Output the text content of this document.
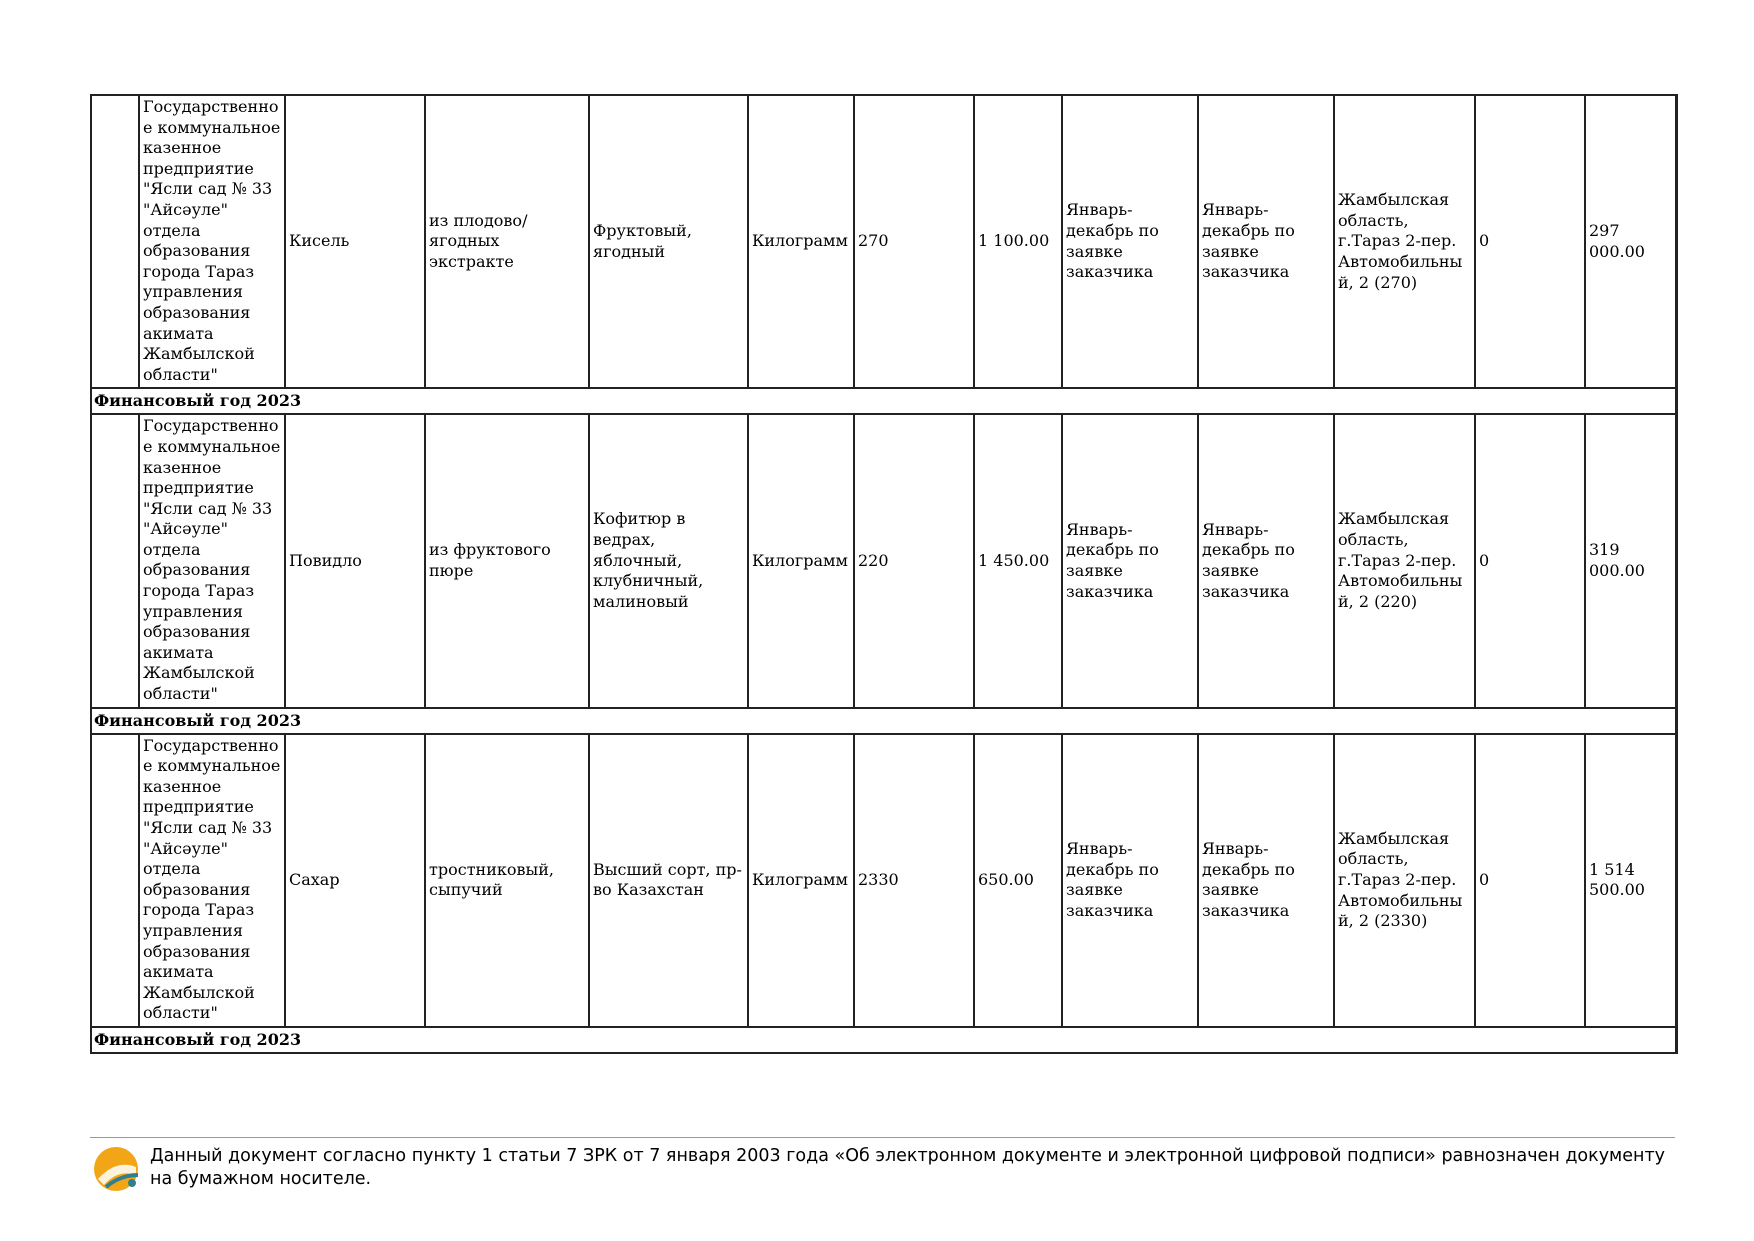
	Государственное коммунальное казенное предприятие "Ясли сад № 33 "Айсәуле" отдела образования города Тараз управления образования акимата Жамбылской области"	Кисель	из плодово/ ягодных экстракте	Фруктовый, ягодный	Килограмм	270	1 100.00	Январь-декабрь по заявке заказчика	Январь-декабрь по заявке заказчика	Жамбылская область, г.Тараз 2-пер. Автомобильный, 2 (270)	0	297 000.00
Финансовый год 2023												
	Государственное коммунальное казенное предприятие "Ясли сад № 33 "Айсәуле" отдела образования города Тараз управления образования акимата Жамбылской области"	Повидло	из фруктового пюре	Кофитюр в ведрах, яблочный, клубничный, малиновый	Килограмм	220	1 450.00	Январь-декабрь по заявке заказчика	Январь-декабрь по заявке заказчика	Жамбылская область, г.Тараз 2-пер. Автомобильный, 2 (220)	0	319 000.00
Финансовый год 2023												
	Государственное коммунальное казенное предприятие "Ясли сад № 33 "Айсәуле" отдела образования города Тараз управления образования акимата Жамбылской области"	Сахар	тростниковый, сыпучий	Высший сорт, пр-во Казахстан	Килограмм	2330	650.00	Январь-декабрь по заявке заказчика	Январь-декабрь по заявке заказчика	Жамбылская область, г.Тараз 2-пер. Автомобильный, 2 (2330)	0	1 514 500.00
Финансовый год 2023												
Данный документ согласно пункту 1 статьи 7 ЗРК от 7 января 2003 года «Об электронном документе и электронной цифровой подписи» равнозначен документу на бумажном носителе.
